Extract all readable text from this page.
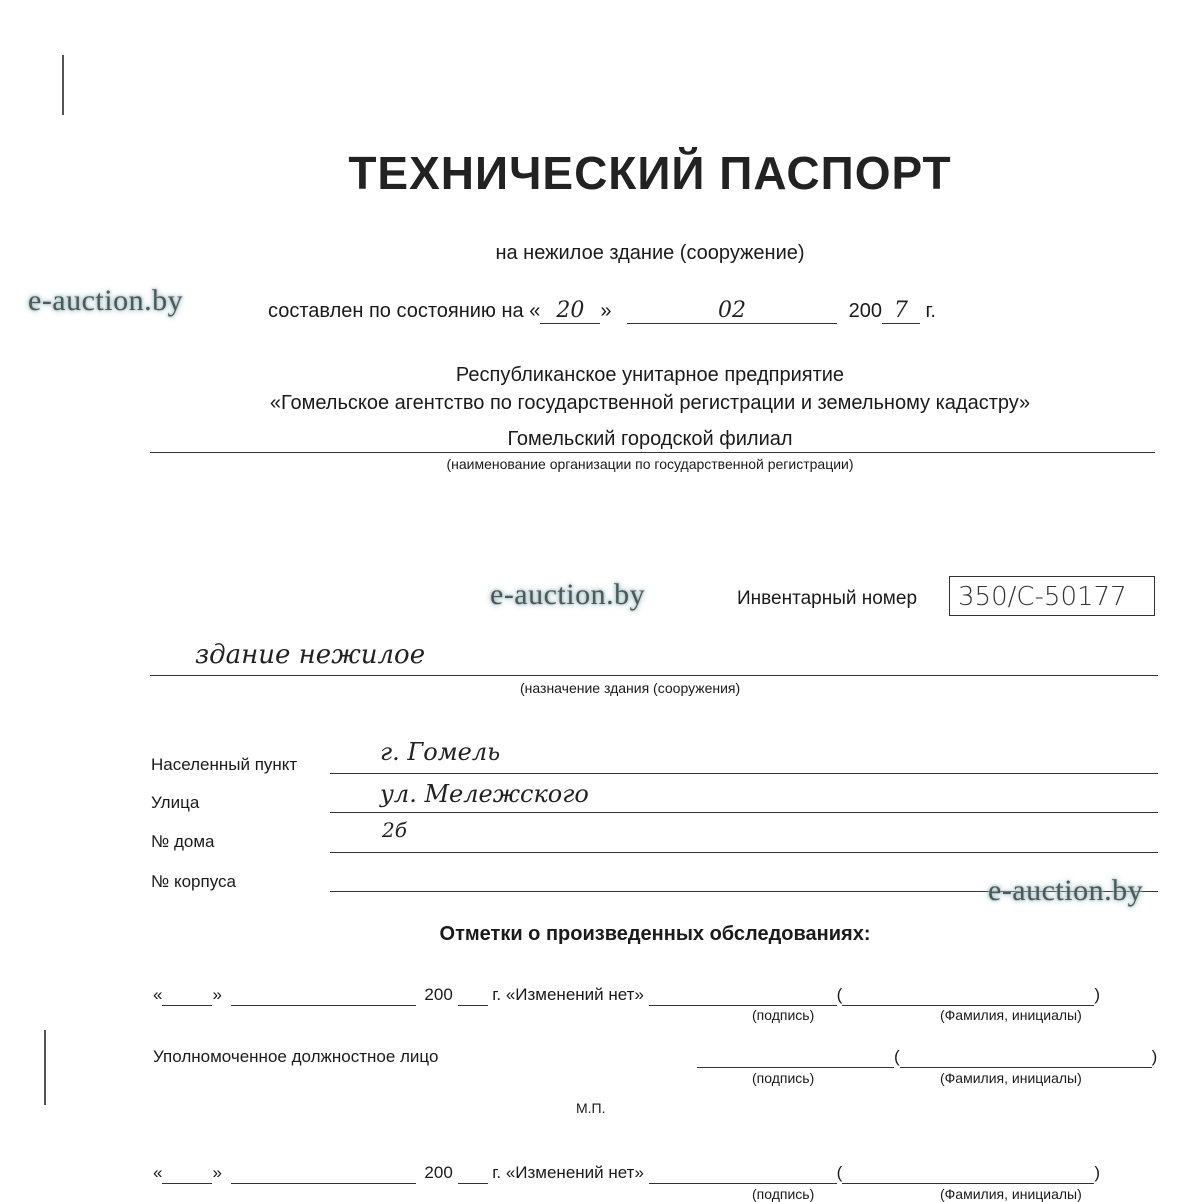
ТЕХНИЧЕСКИЙ ПАСПОРТ
на нежилое здание (сооружение)
составлен по состоянию на « 20 »	02	200 7 г.
Республиканское унитарное предприятие
«Гомельское агентство по государственной регистрации и земельному кадастру»
Гомельский городской филиал
(наименование организации по государственной регистрации)
Инвентарный номер	350/С-50177
здание нежилое
(назначение здания (сооружения)
Населенный пункт	г. Гомель
Улица	ул. Мележского
№ дома	2б
№ корпуса
Отметки о произведенных обследованиях:
«	»	200 г. «Изменений нет»	(	)
(подпись)	(Фамилия, инициалы)
Уполномоченное должностное лицо	(	)
(подпись)	(Фамилия, инициалы)
М.П.
«	»	200 г. «Изменений нет»	(	)
(подпись)	(Фамилия, инициалы)
e-auction.by
e-auction.by
e-auction.by
